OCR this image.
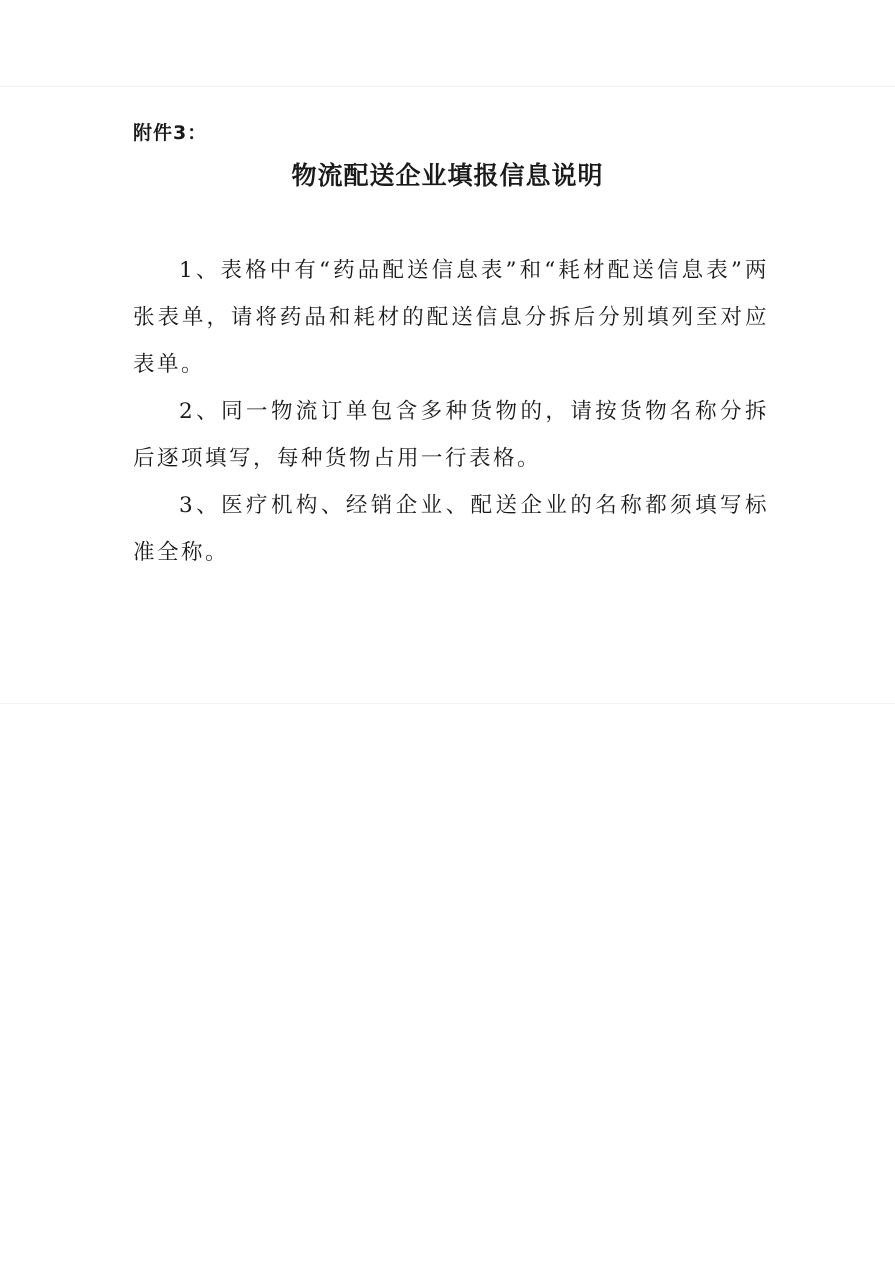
附件3：
物流配送企业填报信息说明

1、表格中有“药品配送信息表”和“耗材配送信息表”两张表单，请将药品和耗材的配送信息分拆后分别填列至对应表单。

2、同一物流订单包含多种货物的，请按货物名称分拆后逐项填写，每种货物占用一行表格。

3、医疗机构、经销企业、配送企业的名称都须填写标准全称。
